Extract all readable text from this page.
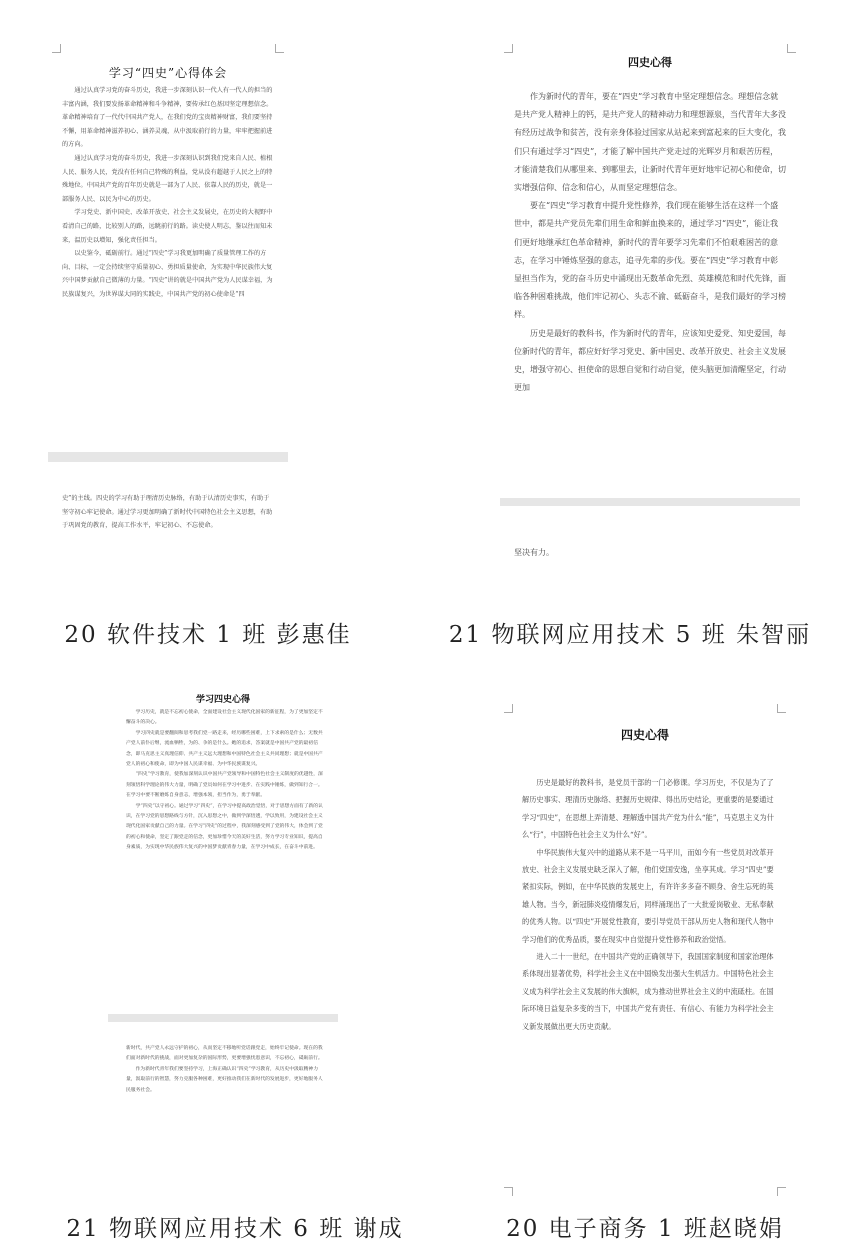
学习“四史”心得体会

通过认真学习党的奋斗历史，我进一步深刻认识一代人有一代人的担当的丰富内涵，我们要发扬革命精神和斗争精神，要传承红色基因坚定理想信念。革命精神培育了一代代中国共产党人，在我们党的宝贵精神财富，我们要坚持不懈，用革命精神滋养初心、涵养灵魂，从中汲取前行的力量，牢牢把握前进的方向。

通过认真学习党的奋斗历史，我进一步深刻认识到我们党来自人民、植根人民、服务人民，党没有任何自己特殊的利益，党从没有超越于人民之上的特殊地位。中国共产党的百年历史就是一部为了人民、依靠人民的历史，就是一部服务人民、以民为中心的历史。

学习党史、新中国史、改革开放史、社会主义发展史，在历史的大视野中看清自己的路，比较别人的路，远眺前行的路。读史使人明志，鉴以往而知未来，温历史以增知，强化责任担当。

以史鉴今，砥砺前行。通过“四史”学习我更加明确了质量管理工作的方向、目标，一定会持续坚守质量初心、勇担质量使命，为实现中华民族伟大复兴中国梦贡献自己微薄的力量。“四史”讲的就是中国共产党为人民谋幸福，为民族谋复兴，为世界谋大同的实践史，中国共产党的初心使命是“四

史”的主线。四史的学习有助于理清历史脉络，有助于认清历史事实，有助于坚守初心牢记使命。通过学习更加明确了新时代中国特色社会主义思想，有助于巩固党的教育，提高工作水平，牢记初心、不忘使命。

20 软件技术 1 班 彭惠佳
四史心得

作为新时代的青年，要在“四史”学习教育中坚定理想信念。理想信念就是共产党人精神上的钙，是共产党人的精神动力和理想源泉，当代青年大多没有经历过战争和贫苦，没有亲身体验过国家从站起来到富起来的巨大变化，我们只有通过学习“四史”，才能了解中国共产党走过的光辉岁月和艰苦历程，才能清楚我们从哪里来、到哪里去，让新时代青年更好地牢记初心和使命，切实增强信仰、信念和信心，从而坚定理想信念。

要在“四史”学习教育中提升党性修养，我们现在能够生活在这样一个盛世中，都是共产党员先辈们用生命和鲜血换来的，通过学习“四史”，能让我们更好地继承红色革命精神，新时代的青年要学习先辈们不怕艰难困苦的意志，在学习中锤炼坚强的意志，追寻先辈的步伐。要在“四史”学习教育中彰显担当作为，党的奋斗历史中涌现出无数革命先烈、英雄模范和时代先锋，面临各种困难挑战，他们牢记初心、头志不渝、砥砺奋斗，是我们最好的学习榜样。

历史是最好的教科书，作为新时代的青年，应该知史爱党、知史爱国，每位新时代的青年，都应好好学习党史、新中国史、改革开放史、社会主义发展史，增强守初心、担使命的思想自觉和行动自觉，使头脑更加清醒坚定，行动更加

坚决有力。

21 物联网应用技术 5 班 朱智丽
学习四史心得

学习历史，就是不忘初心使命，全面建设社会主义现代化国家的新征程，为了更加坚定不懈奋斗的决心。

学习四史就是要翻阅和思考我们党一路走来，经历哪些困难，上下求索的是什么；无数共产党人前仆后继，流血牺牲，为的、争的是什么。她的追求，答案就是中国共产党的最初信念，即马克思主义真理信仰、共产主义远大理想和中国特色社会主义共同理想；就是中国共产党人的初心和使命，即为中国人民谋幸福、为中华民族谋复兴。

“四史”学习教育，使我加深刻认识中国共产党领导和中国特色社会主义制度的优越性，深刻领悟科学理论的伟大力量，明确了党员如何在学习中进步、在实践中锤炼，做到知行合一。在学习中要不断磨炼自身意志，增强本领，担当作为，勇于奉献。

学“四史”以守初心。通过学习“四史”，在学习中提高政治觉悟，对于思想方面有了新的认识，在学习党的思想路线与方针，沉入思想之中，做到学深悟透，学以致用，为建设社会主义现代化国家贡献自己的力量。在学习“四史”的过程中，我深刻感受到了党的伟大，体会到了党的初心和使命，坚定了跟党走的信念，更加珍惜今天的美好生活，努力学习专业知识，提高自身素质，为实现中华民族伟大复兴的中国梦贡献青春力量，在学习中成长，在奋斗中前进。

新时代，共产党人永远守护的初心，从而坚定不移地听党话跟党走，始终牢记使命。现在的我们面对新时代的挑战，面对更加复杂的国际形势，更要增强忧患意识，不忘初心，砥砺前行。

作为新时代青年我们要坚持学习，上海正确认识“四史”学习教育，从历史中汲取精神力量，汲取前行的智慧，努力克服各种困难，更好推动我们在新时代的发展进步，更好地服务人民服务社会。

21 物联网应用技术 6 班 谢成
四史心得

历史是最好的教科书，是党员干部的一门必修课。学习历史，不仅是为了了解历史事实、理清历史脉络、把握历史规律、得出历史结论，更重要的是要通过学习“四史”，在思想上弄清楚、理解透中国共产党为什么“能”，马克思主义为什么“行”，中国特色社会主义为什么“好”。

中华民族伟大复兴中的道路从来不是一马平川，而如今有一些党员对改革开放史、社会主义发展史缺乏深入了解，他们党国安逸，坐享其成。学习“四史”要紧扣实际，例如，在中华民族的发展史上，有许许多多奋不顾身、舍生忘死的英雄人物。当今，新冠肺炎疫情爆发后，同样涌现出了一大批爱岗敬业、无私奉献的优秀人物。以“四史”开展党性教育，要引导党员干部从历史人物和现代人物中学习他们的优秀品质，要在现实中自觉提升党性修养和政治觉悟。

进入二十一世纪，在中国共产党的正确领导下，我国国家制度和国家治理体系体现出显著优势，科学社会主义在中国焕发出强大生机活力。中国特色社会主义成为科学社会主义发展的伟大旗帜，成为推动世界社会主义的中流砥柱。在国际环境日益复杂多变的当下，中国共产党有责任、有信心、有能力为科学社会主义新发展做出更大历史贡献。

20 电子商务 1 班赵晓娟
